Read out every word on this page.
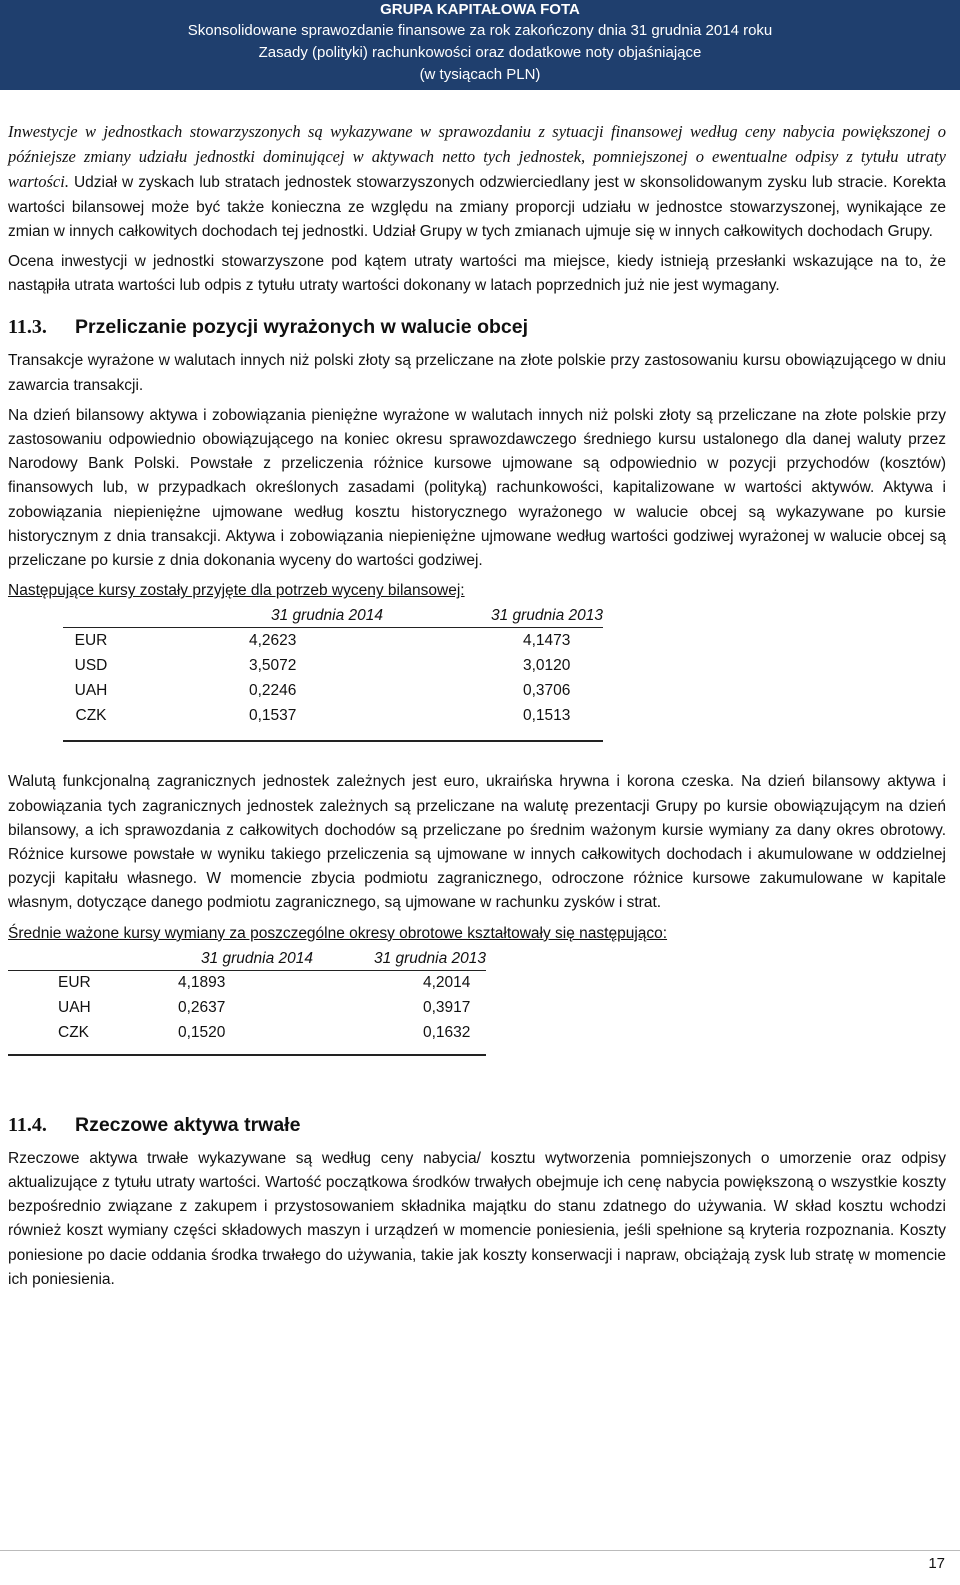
GRUPA KAPITAŁOWA FOTA
Skonsolidowane sprawozdanie finansowe za rok zakończony dnia 31 grudnia 2014 roku
Zasady (polityki) rachunkowości oraz dodatkowe noty objaśniające
(w tysiącach PLN)

Inwestycje w jednostkach stowarzyszonych są wykazywane w sprawozdaniu z sytuacji finansowej według ceny nabycia powiększonej o późniejsze zmiany udziału jednostki dominującej w aktywach netto tych jednostek, pomniejszonej o ewentualne odpisy z tytułu utraty wartości. Udział w zyskach lub stratach jednostek stowarzyszonych odzwierciedlany jest w skonsolidowanym zysku lub stracie. Korekta wartości bilansowej może być także konieczna ze względu na zmiany proporcji udziału w jednostce stowarzyszonej, wynikające ze zmian w innych całkowitych dochodach tej jednostki. Udział Grupy w tych zmianach ujmuje się w innych całkowitych dochodach Grupy.

Ocena inwestycji w jednostki stowarzyszone pod kątem utraty wartości ma miejsce, kiedy istnieją przesłanki wskazujące na to, że nastąpiła utrata wartości lub odpis z tytułu utraty wartości dokonany w latach poprzednich już nie jest wymagany.

11.3.	Przeliczanie pozycji wyrażonych w walucie obcej

Transakcje wyrażone w walutach innych niż polski złoty są przeliczane na złote polskie przy zastosowaniu kursu obowiązującego w dniu zawarcia transakcji.

Na dzień bilansowy aktywa i zobowiązania pieniężne wyrażone w walutach innych niż polski złoty są przeliczane na złote polskie przy zastosowaniu odpowiednio obowiązującego na koniec okresu sprawozdawczego średniego kursu ustalonego dla danej waluty przez Narodowy Bank Polski. Powstałe z przeliczenia różnice kursowe ujmowane są odpowiednio w pozycji przychodów (kosztów) finansowych lub, w przypadkach określonych zasadami (polityką) rachunkowości, kapitalizowane w wartości aktywów. Aktywa i zobowiązania niepieniężne ujmowane według kosztu historycznego wyrażonego w walucie obcej są wykazywane po kursie historycznym z dnia transakcji. Aktywa i zobowiązania niepieniężne ujmowane według wartości godziwej wyrażonej w walucie obcej są przeliczane po kursie z dnia dokonania wyceny do wartości godziwej.

Następujące kursy zostały przyjęte dla potrzeb wyceny bilansowej:

	31 grudnia 2014	31 grudnia 2013
EUR	4,2623	4,1473
USD	3,5072	3,0120
UAH	0,2246	0,3706
CZK	0,1537	0,1513

Walutą funkcjonalną zagranicznych jednostek zależnych jest euro, ukraińska hrywna i korona czeska. Na dzień bilansowy aktywa i zobowiązania tych zagranicznych jednostek zależnych są przeliczane na walutę prezentacji Grupy po kursie obowiązującym na dzień bilansowy, a ich sprawozdania z całkowitych dochodów są przeliczane po średnim ważonym kursie wymiany za dany okres obrotowy. Różnice kursowe powstałe w wyniku takiego przeliczenia są ujmowane w innych całkowitych dochodach i akumulowane w oddzielnej pozycji kapitału własnego. W momencie zbycia podmiotu zagranicznego, odroczone różnice kursowe zakumulowane w kapitale własnym, dotyczące danego podmiotu zagranicznego, są ujmowane w rachunku zysków i strat.

Średnie ważone kursy wymiany za poszczególne okresy obrotowe kształtowały się następująco:

	31 grudnia 2014	31 grudnia 2013
EUR	4,1893	4,2014
UAH	0,2637	0,3917
CZK	0,1520	0,1632

11.4.	Rzeczowe aktywa trwałe

Rzeczowe aktywa trwałe wykazywane są według ceny nabycia/ kosztu wytworzenia pomniejszonych o umorzenie oraz odpisy aktualizujące z tytułu utraty wartości. Wartość początkowa środków trwałych obejmuje ich cenę nabycia powiększoną o wszystkie koszty bezpośrednio związane z zakupem i przystosowaniem składnika majątku do stanu zdatnego do używania. W skład kosztu wchodzi również koszt wymiany części składowych maszyn i urządzeń w momencie poniesienia, jeśli spełnione są kryteria rozpoznania. Koszty poniesione po dacie oddania środka trwałego do używania, takie jak koszty konserwacji i napraw, obciążają zysk lub stratę w momencie ich poniesienia.

17
